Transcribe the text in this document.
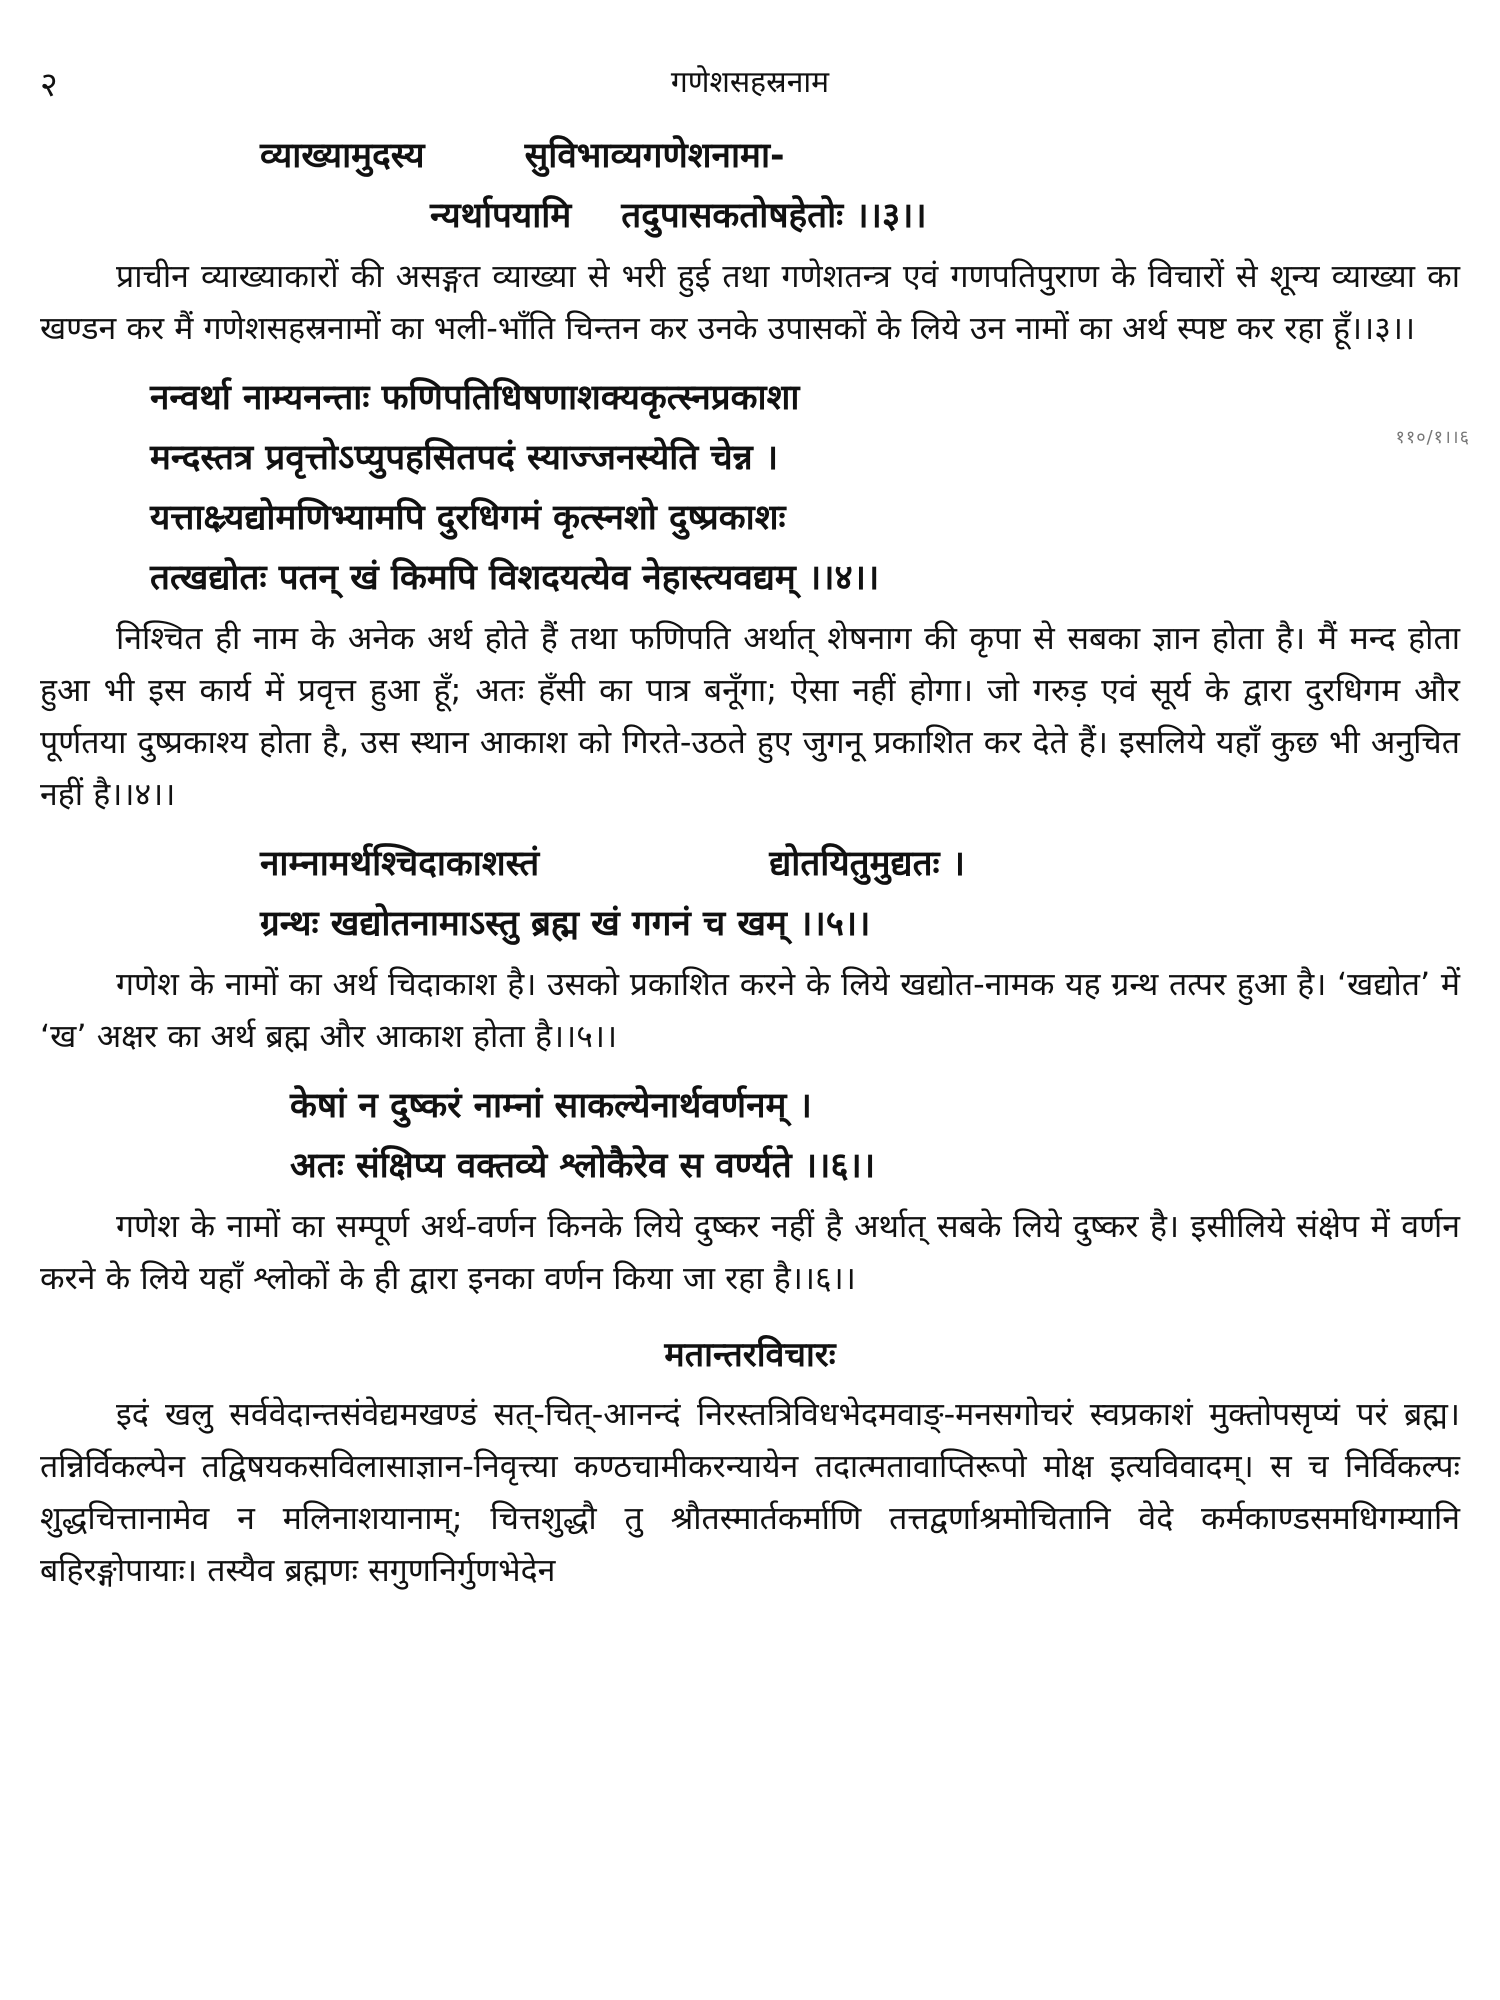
२	गणेशसहस्रनाम
११०/१।।६
व्याख्यामुदस्य	सुविभाव्यगणेशनामा-
न्यर्थापयामि तदुपासकतोषहेतोः ।।३।।

प्राचीन व्याख्याकारों की असङ्गत व्याख्या से भरी हुई तथा गणेशतन्त्र एवं गणपतिपुराण के विचारों से शून्य व्याख्या का खण्डन कर मैं गणेशसहस्रनामों का भली-भाँति चिन्तन कर उनके उपासकों के लिये उन नामों का अर्थ स्पष्ट कर रहा हूँ।।३।।

नन्वर्था नाम्यनन्ताः फणिपतिधिषणाशक्यकृत्स्नप्रकाशा
मन्दस्तत्र प्रवृत्तोऽप्युपहसितपदं स्याज्जनस्येति चेन्न ।
यत्ताक्ष्र्यद्योमणिभ्यामपि दुरधिगमं कृत्स्नशो दुष्प्रकाशः
तत्खद्योतः पतन् खं किमपि विशदयत्येव नेहास्त्यवद्यम् ।।४।।

निश्चित ही नाम के अनेक अर्थ होते हैं तथा फणिपति अर्थात् शेषनाग की कृपा से सबका ज्ञान होता है। मैं मन्द होता हुआ भी इस कार्य में प्रवृत्त हुआ हूँ; अतः हँसी का पात्र बनूँगा; ऐसा नहीं होगा। जो गरुड़ एवं सूर्य के द्वारा दुरधिगम और पूर्णतया दुष्प्रकाश्य होता है, उस स्थान आकाश को गिरते-उठते हुए जुगनू प्रकाशित कर देते हैं। इसलिये यहाँ कुछ भी अनुचित नहीं है।।४।।

नाम्नामर्थश्चिदाकाशस्तं	द्योतयितुमुद्यतः ।
ग्रन्थः खद्योतनामाऽस्तु ब्रह्म खं गगनं च खम् ।।५।।

गणेश के नामों का अर्थ चिदाकाश है। उसको प्रकाशित करने के लिये खद्योत-नामक यह ग्रन्थ तत्पर हुआ है। ‘खद्योत’ में ‘ख’ अक्षर का अर्थ ब्रह्म और आकाश होता है।।५।।

केषां न दुष्करं नाम्नां साकल्येनार्थवर्णनम् ।
अतः संक्षिप्य वक्तव्ये श्लोकैरेव स वर्ण्यते ।।६।।

गणेश के नामों का सम्पूर्ण अर्थ-वर्णन किनके लिये दुष्कर नहीं है अर्थात् सबके लिये दुष्कर है। इसीलिये संक्षेप में वर्णन करने के लिये यहाँ श्लोकों के ही द्वारा इनका वर्णन किया जा रहा है।।६।।

मतान्तरविचारः

इदं खलु सर्ववेदान्तसंवेद्यमखण्डं सत्-चित्-आनन्दं निरस्तत्रिविधभेदमवाङ्-मनसगोचरं स्वप्रकाशं मुक्तोपसृप्यं परं ब्रह्म। तन्निर्विकल्पेन तद्विषयकसविलासाज्ञान-निवृत्त्या कण्ठचामीकरन्यायेन तदात्मतावाप्तिरूपो मोक्ष इत्यविवादम्। स च निर्विकल्पः शुद्धचित्तानामेव न मलिनाशयानाम्; चित्तशुद्धौ तु श्रौतस्मार्तकर्माणि तत्तद्वर्णाश्रमोचितानि वेदे कर्मकाण्डसमधिगम्यानि बहिरङ्गोपायाः। तस्यैव ब्रह्मणः सगुणनिर्गुणभेदेन
